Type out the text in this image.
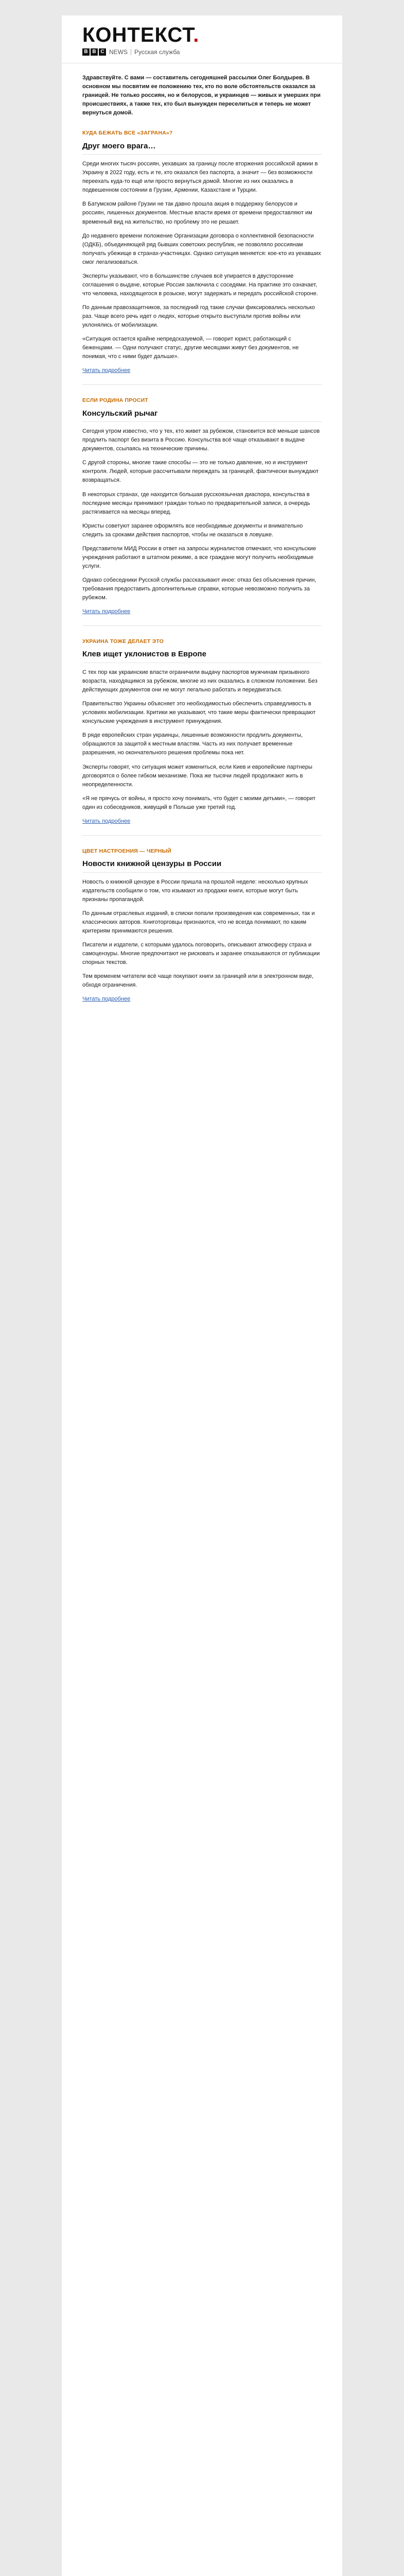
КОНТЕКСТ.
B B C NEWS Русская служба

Здравствуйте. С вами — составитель сегодняшней рассылки Олег Болдырев. В основном мы посвятим ее положению тех, кто по воле обстоятельств оказался за границей. Не только россиян, но и белорусов, и украинцев — живых и умерших при происшествиях, а также тех, кто был вынужден переселиться и теперь не может вернуться домой.

КУДА БЕЖАТЬ ВСЕ «ЗАГРАНА»?
Друг моего врага…

Среди многих тысяч россиян, уехавших за границу после вторжения российской армии в Украину в 2022 году, есть и те, кто оказался без паспорта, а значит — без возможности переехать куда-то ещё или просто вернуться домой. Многие из них оказались в подвешенном состоянии в Грузии, Армении, Казахстане и Турции.

В Батумском районе Грузии не так давно прошла акция в поддержку белорусов и россиян, лишенных документов. Местные власти время от времени предоставляют им временный вид на жительство, но проблему это не решает.

До недавнего времени положение Организации договора о коллективной безопасности (ОДКБ), объединяющей ряд бывших советских республик, не позволяло россиянам получать убежище в странах-участницах. Однако ситуация меняется: кое-кто из уехавших смог легализоваться.

Эксперты указывают, что в большинстве случаев всё упирается в двусторонние соглашения о выдаче, которые Россия заключила с соседями. На практике это означает, что человека, находящегося в розыске, могут задержать и передать российской стороне.

По данным правозащитников, за последний год такие случаи фиксировались несколько раз. Чаще всего речь идет о людях, которые открыто выступали против войны или уклонялись от мобилизации.

«Ситуация остается крайне непредсказуемой, — говорит юрист, работающий с беженцами. — Одни получают статус, другие месяцами живут без документов, не понимая, что с ними будет дальше».

Читать подробнее

ЕСЛИ РОДИНА ПРОСИТ
Консульский рычаг

Сегодня утром известно, что у тех, кто живет за рубежом, становится всё меньше шансов продлить паспорт без визита в Россию. Консульства всё чаще отказывают в выдаче документов, ссылаясь на технические причины.

С другой стороны, многие такие способы — это не только давление, но и инструмент контроля. Людей, которые рассчитывали переждать за границей, фактически вынуждают возвращаться.

В некоторых странах, где находится большая русскоязычная диаспора, консульства в последние месяцы принимают граждан только по предварительной записи, а очередь растягивается на месяцы вперед.

Юристы советуют заранее оформлять все необходимые документы и внимательно следить за сроками действия паспортов, чтобы не оказаться в ловушке.

Представители МИД России в ответ на запросы журналистов отмечают, что консульские учреждения работают в штатном режиме, а все граждане могут получить необходимые услуги.

Однако собеседники Русской службы рассказывают иное: отказ без объяснения причин, требования предоставить дополнительные справки, которые невозможно получить за рубежом.

Читать подробнее

УКРАИНА ТОЖЕ ДЕЛАЕТ ЭТО
Клев ищет уклонистов в Европе

С тех пор как украинские власти ограничили выдачу паспортов мужчинам призывного возраста, находящимся за рубежом, многие из них оказались в сложном положении. Без действующих документов они не могут легально работать и передвигаться.

Правительство Украины объясняет это необходимостью обеспечить справедливость в условиях мобилизации. Критики же указывают, что такие меры фактически превращают консульские учреждения в инструмент принуждения.

В ряде европейских стран украинцы, лишенные возможности продлить документы, обращаются за защитой к местным властям. Часть из них получает временные разрешения, но окончательного решения проблемы пока нет.

Эксперты говорят, что ситуация может измениться, если Киев и европейские партнеры договорятся о более гибком механизме. Пока же тысячи людей продолжают жить в неопределенности.

«Я не прячусь от войны, я просто хочу понимать, что будет с моими детьми», — говорит один из собеседников, живущий в Польше уже третий год.

Читать подробнее

ЦВЕТ НАСТРОЕНИЯ — ЧЕРНЫЙ
Новости книжной цензуры в России

Новость о книжной цензуре в России пришла на прошлой неделе: несколько крупных издательств сообщили о том, что изымают из продажи книги, которые могут быть признаны пропагандой.

По данным отраслевых изданий, в списки попали произведения как современных, так и классических авторов. Книготорговцы признаются, что не всегда понимают, по каким критериям принимаются решения.

Писатели и издатели, с которыми удалось поговорить, описывают атмосферу страха и самоцензуры. Многие предпочитают не рисковать и заранее отказываются от публикации спорных текстов.

Тем временем читатели всё чаще покупают книги за границей или в электронном виде, обходя ограничения.

Читать подробнее
